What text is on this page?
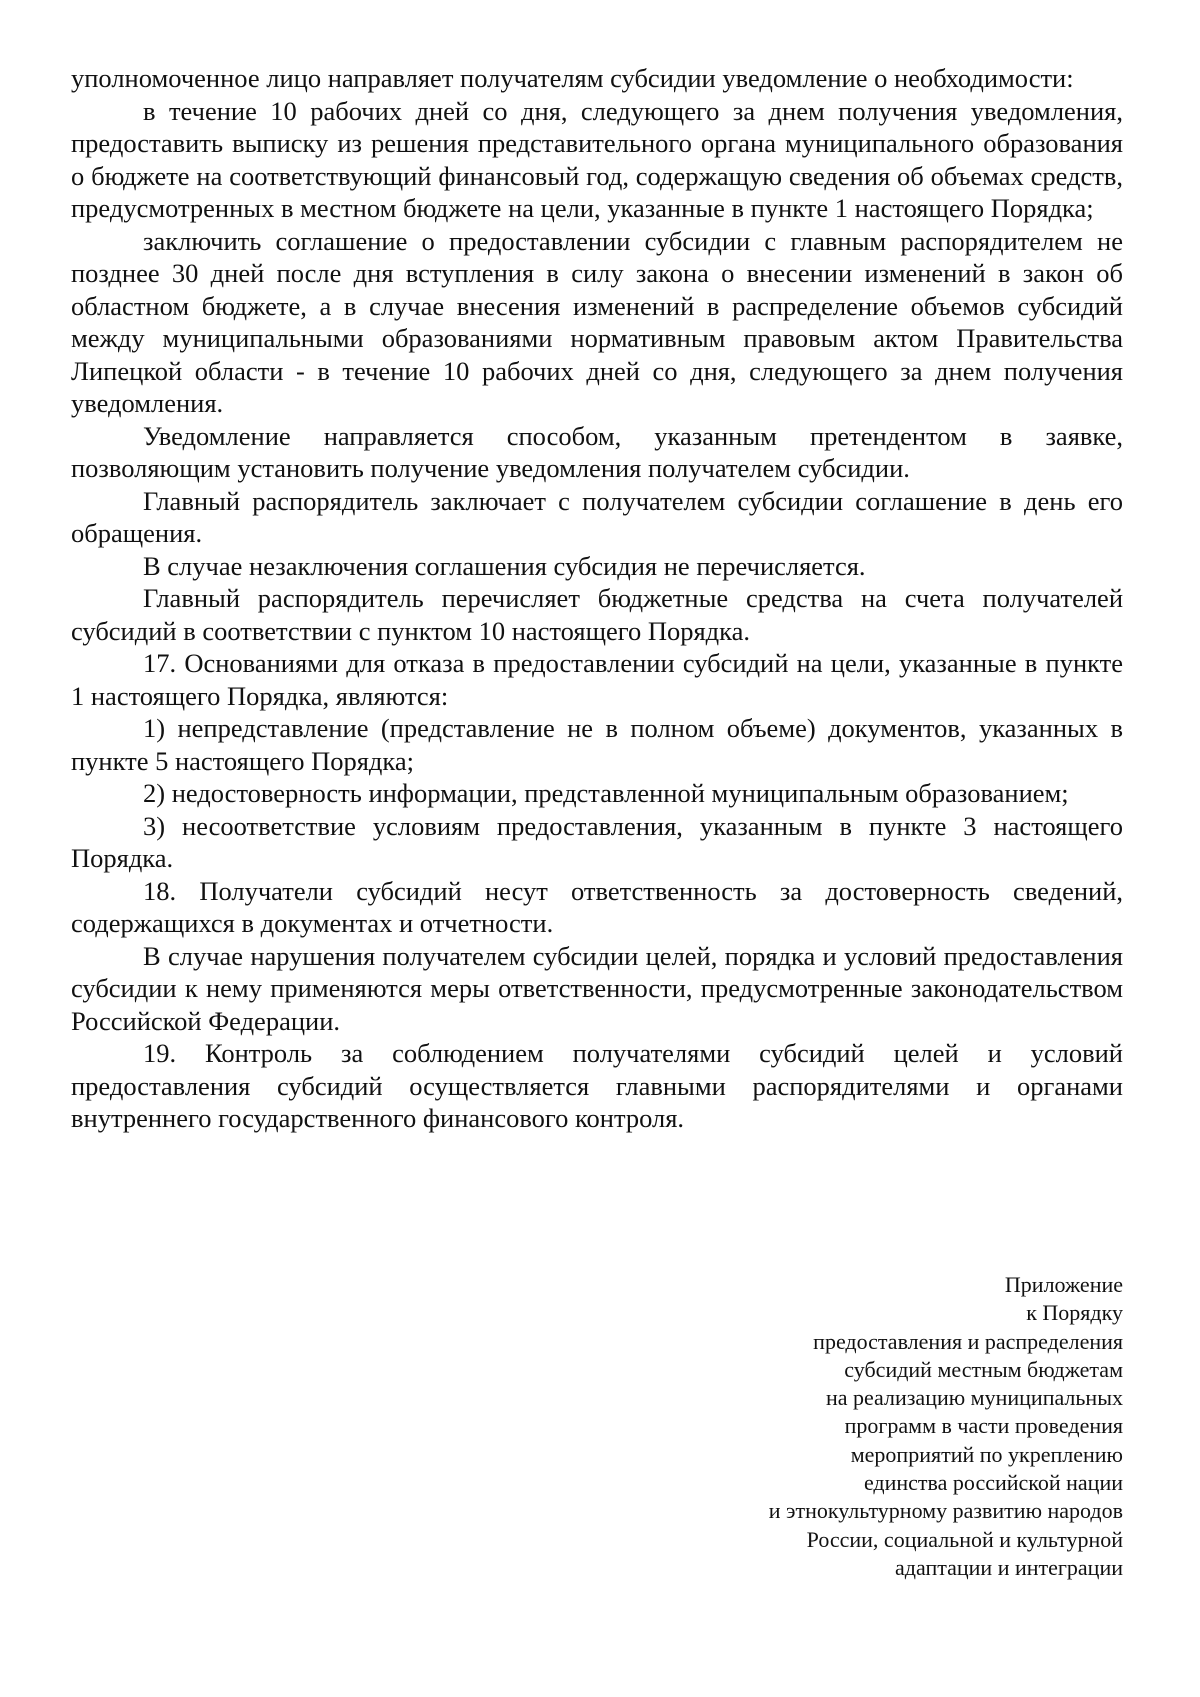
уполномоченное лицо направляет получателям субсидии уведомление о необходимости:

в течение 10 рабочих дней со дня, следующего за днем получения уведомления, предоставить выписку из решения представительного органа муниципального образования о бюджете на соответствующий финансовый год, содержащую сведения об объемах средств, предусмотренных в местном бюджете на цели, указанные в пункте 1 настоящего Порядка;

заключить соглашение о предоставлении субсидии с главным распорядителем не позднее 30 дней после дня вступления в силу закона о внесении изменений в закон об областном бюджете, а в случае внесения изменений в распределение объемов субсидий между муниципальными образованиями нормативным правовым актом Правительства Липецкой области - в течение 10 рабочих дней со дня, следующего за днем получения уведомления.

Уведомление направляется способом, указанным претендентом в заявке, позволяющим установить получение уведомления получателем субсидии.

Главный распорядитель заключает с получателем субсидии соглашение в день его обращения.

В случае незаключения соглашения субсидия не перечисляется.

Главный распорядитель перечисляет бюджетные средства на счета получателей субсидий в соответствии с пунктом 10 настоящего Порядка.

17. Основаниями для отказа в предоставлении субсидий на цели, указанные в пункте 1 настоящего Порядка, являются:

1) непредставление (представление не в полном объеме) документов, указанных в пункте 5 настоящего Порядка;

2) недостоверность информации, представленной муниципальным образованием;

3) несоответствие условиям предоставления, указанным в пункте 3 настоящего Порядка.

18. Получатели субсидий несут ответственность за достоверность сведений, содержащихся в документах и отчетности.

В случае нарушения получателем субсидии целей, порядка и условий предоставления субсидии к нему применяются меры ответственности, предусмотренные законодательством Российской Федерации.

19. Контроль за соблюдением получателями субсидий целей и условий предоставления субсидий осуществляется главными распорядителями и органами внутреннего государственного финансового контроля.

Приложение
к Порядку
предоставления и распределения
субсидий местным бюджетам
на реализацию муниципальных
программ в части проведения
мероприятий по укреплению
единства российской нации
и этнокультурному развитию народов
России, социальной и культурной
адаптации и интеграции
